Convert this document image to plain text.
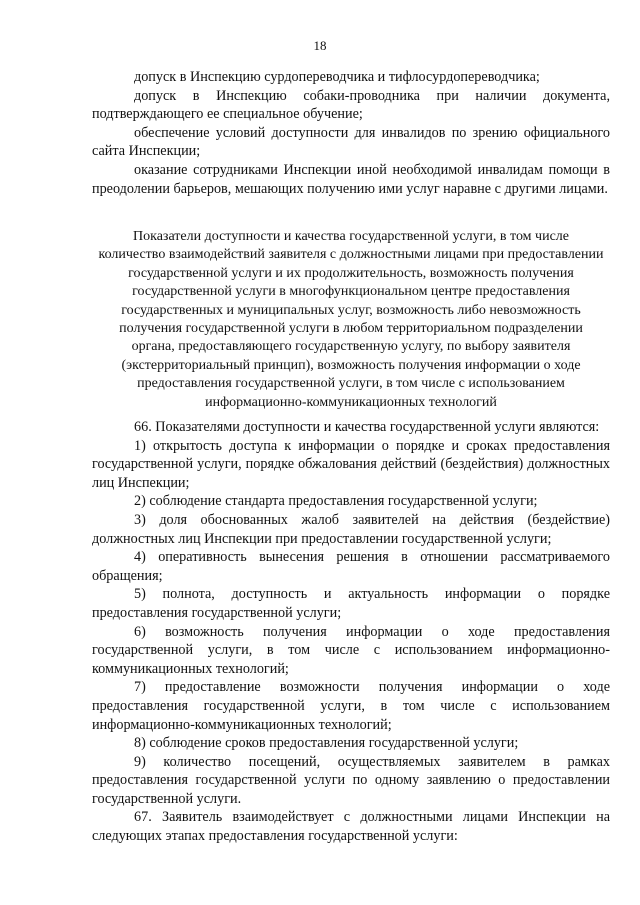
18

допуск в Инспекцию сурдопереводчика и тифлосурдопереводчика;

допуск в Инспекцию собаки-проводника при наличии документа, подтверждающего ее специальное обучение;

обеспечение условий доступности для инвалидов по зрению официального сайта Инспекции;

оказание сотрудниками Инспекции иной необходимой инвалидам помощи в преодолении барьеров, мешающих получению ими услуг наравне с другими лицами.

Показатели доступности и качества государственной услуги, в том числе количество взаимодействий заявителя с должностными лицами при предоставлении государственной услуги и их продолжительность, возможность получения государственной услуги в многофункциональном центре предоставления государственных и муниципальных услуг, возможность либо невозможность получения государственной услуги в любом территориальном подразделении органа, предоставляющего государственную услугу, по выбору заявителя (экстерриториальный принцип), возможность получения информации о ходе предоставления государственной услуги, в том числе с использованием информационно-коммуникационных технологий

66. Показателями доступности и качества государственной услуги являются:

1) открытость доступа к информации о порядке и сроках предоставления государственной услуги, порядке обжалования действий (бездействия) должностных лиц Инспекции;

2) соблюдение стандарта предоставления государственной услуги;

3) доля обоснованных жалоб заявителей на действия (бездействие) должностных лиц Инспекции при предоставлении государственной услуги;

4) оперативность вынесения решения в отношении рассматриваемого обращения;

5) полнота, доступность и актуальность информации о порядке предоставления государственной услуги;

6) возможность получения информации о ходе предоставления государственной услуги, в том числе с использованием информационно-коммуникационных технологий;

7) предоставление возможности получения информации о ходе предоставления государственной услуги, в том числе с использованием информационно-коммуникационных технологий;

8) соблюдение сроков предоставления государственной услуги;

9) количество посещений, осуществляемых заявителем в рамках предоставления государственной услуги по одному заявлению о предоставлении государственной услуги.

67. Заявитель взаимодействует с должностными лицами Инспекции на следующих этапах предоставления государственной услуги:
